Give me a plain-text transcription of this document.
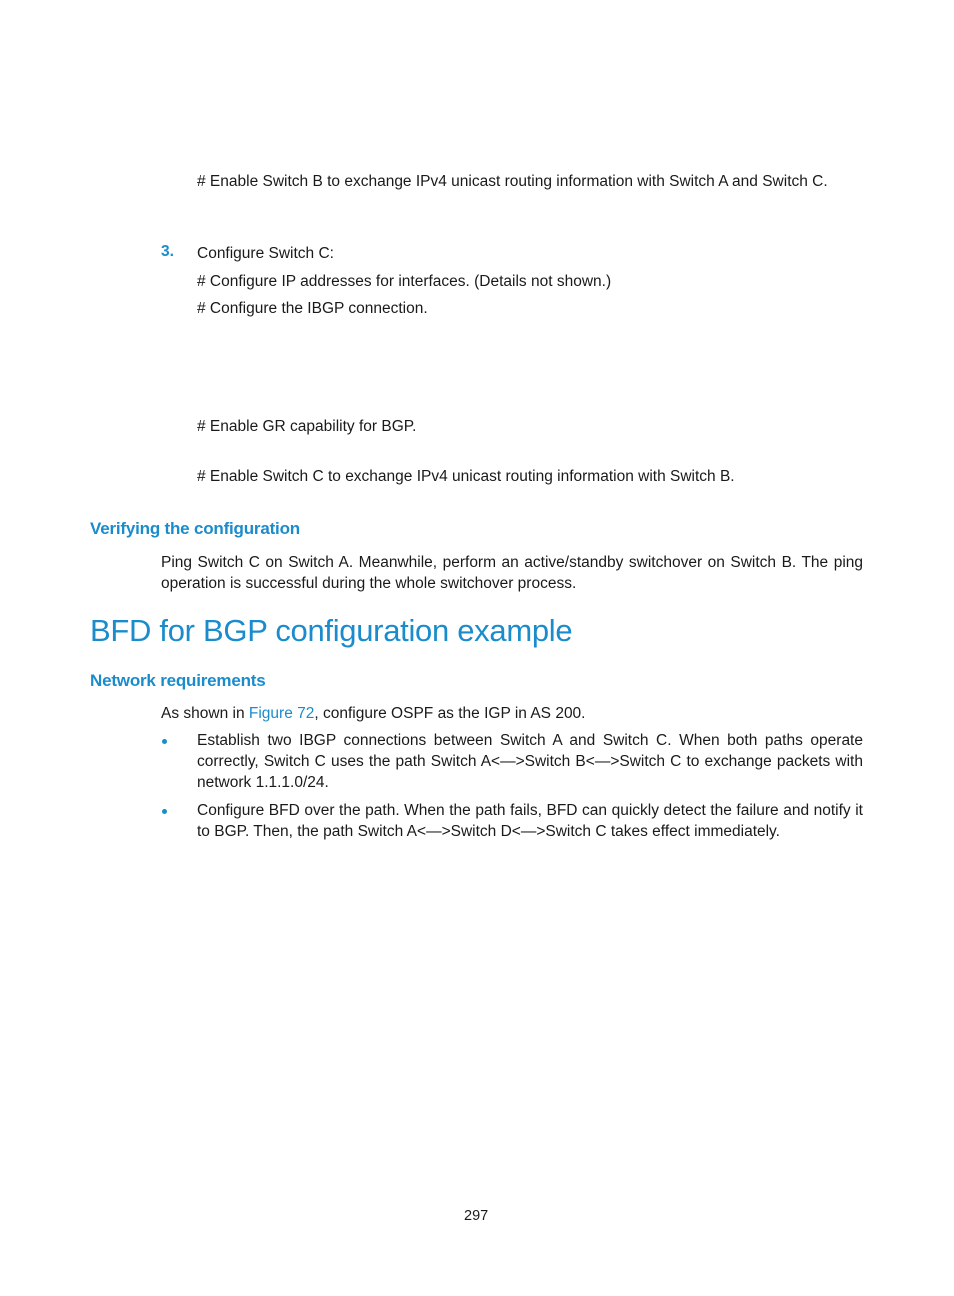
# Enable Switch B to exchange IPv4 unicast routing information with Switch A and Switch C.
3. Configure Switch C:
# Configure IP addresses for interfaces. (Details not shown.)
# Configure the IBGP connection.
# Enable GR capability for BGP.
# Enable Switch C to exchange IPv4 unicast routing information with Switch B.
Verifying the configuration
Ping Switch C on Switch A. Meanwhile, perform an active/standby switchover on Switch B. The ping operation is successful during the whole switchover process.
BFD for BGP configuration example
Network requirements
As shown in Figure 72, configure OSPF as the IGP in AS 200.
Establish two IBGP connections between Switch A and Switch C. When both paths operate correctly, Switch C uses the path Switch A<—>Switch B<—>Switch C to exchange packets with network 1.1.1.0/24.
Configure BFD over the path. When the path fails, BFD can quickly detect the failure and notify it to BGP. Then, the path Switch A<—>Switch D<—>Switch C takes effect immediately.
297
